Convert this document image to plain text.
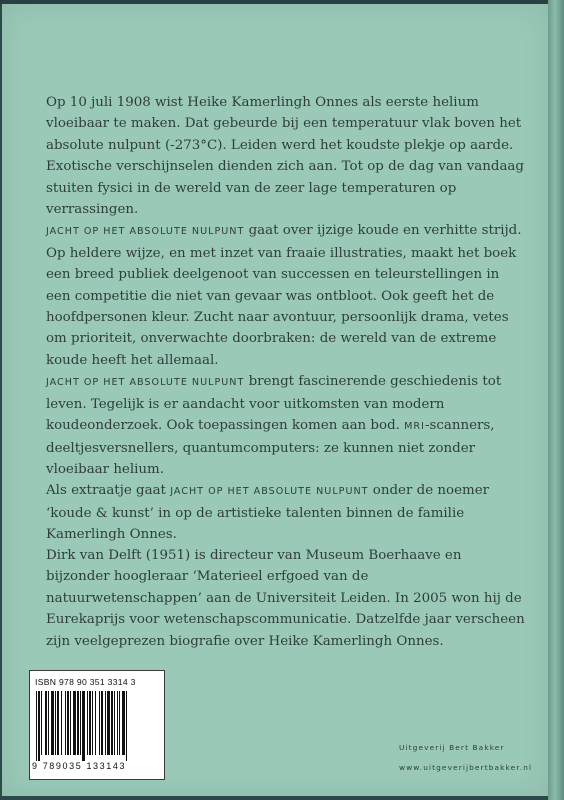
Op 10 juli 1908 wist Heike Kamerlingh Onnes als eerste helium vloeibaar te maken. Dat gebeurde bij een temperatuur vlak boven het absolute nulpunt (-273°C). Leiden werd het koudste plekje op aarde. Exotische verschijnselen dienden zich aan. Tot op de dag van vandaag stuiten fysici in de wereld van de zeer lage temperaturen op verrassingen.

JACHT OP HET ABSOLUTE NULPUNT gaat over ijzige koude en verhitte strijd. Op heldere wijze, en met inzet van fraaie illustraties, maakt het boek een breed publiek deelgenoot van successen en teleurstellingen in een competitie die niet van gevaar was ontbloot. Ook geeft het de hoofdpersonen kleur. Zucht naar avontuur, persoonlijk drama, vetes om prioriteit, onverwachte doorbraken: de wereld van de extreme koude heeft het allemaal.

JACHT OP HET ABSOLUTE NULPUNT brengt fascinerende geschiedenis tot leven. Tegelijk is er aandacht voor uitkomsten van modern koudeonderzoek. Ook toepassingen komen aan bod. MRI-scanners, deeltjesversnellers, quantumcomputers: ze kunnen niet zonder vloeibaar helium.

Als extraatje gaat JACHT OP HET ABSOLUTE NULPUNT onder de noemer ‘koude & kunst’ in op de artistieke talenten binnen de familie Kamerlingh Onnes.

Dirk van Delft (1951) is directeur van Museum Boerhaave en bijzonder hoogleraar ‘Materieel erfgoed van de natuurwetenschappen’ aan de Universiteit Leiden. In 2005 won hij de Eurekaprijs voor wetenschapscommunicatie. Datzelfde jaar verscheen zijn veelgeprezen biografie over Heike Kamerlingh Onnes.

ISBN 978 90 351 3314 3
9 789035 133143
Uitgeverij Bert Bakker
www.uitgeverijbertbakker.nl
